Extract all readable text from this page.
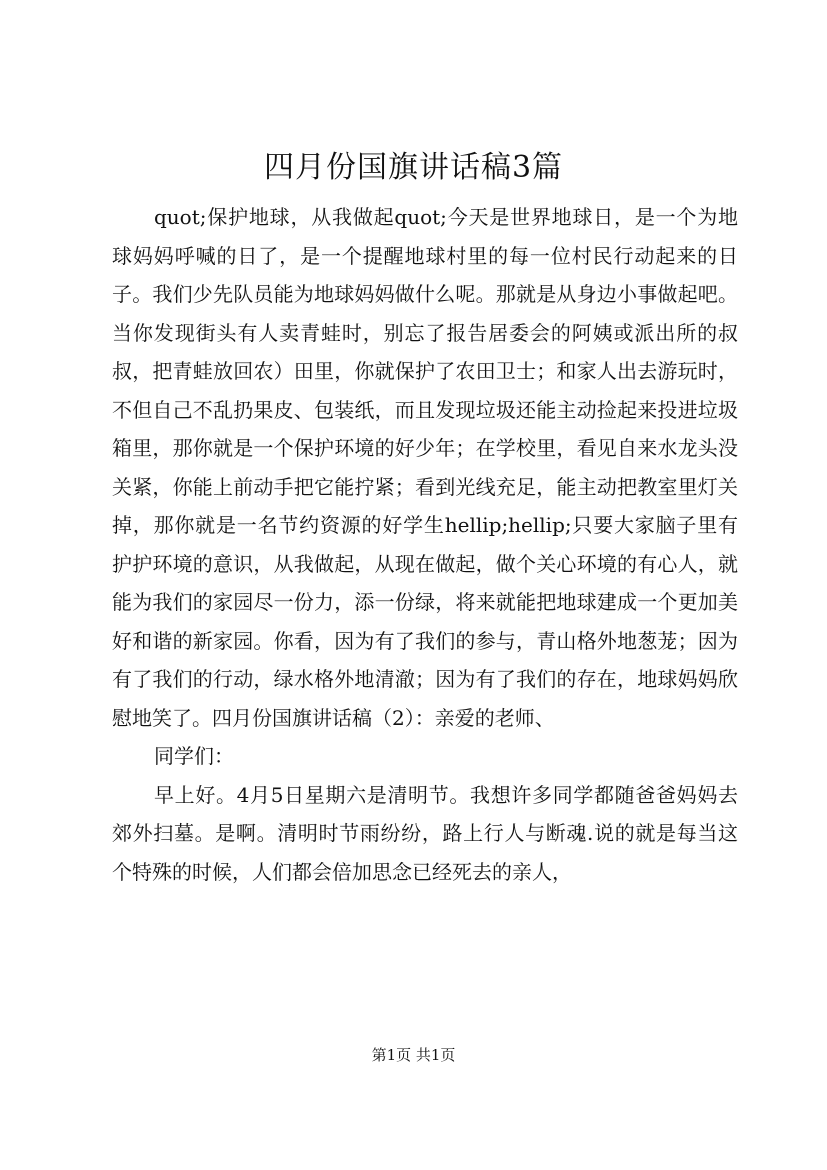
四月份国旗讲话稿3篇

quot;保护地球，从我做起quot;今天是世界地球日，是一个为地球妈妈呼喊的日了，是一个提醒地球村里的每一位村民行动起来的日子。我们少先队员能为地球妈妈做什么呢。那就是从身边小事做起吧。当你发现街头有人卖青蛙时，别忘了报告居委会的阿姨或派出所的叔叔，把青蛙放回农）田里，你就保护了农田卫士；和家人出去游玩时，不但自己不乱扔果皮、包装纸，而且发现垃圾还能主动捡起来投进垃圾箱里，那你就是一个保护环境的好少年；在学校里，看见自来水龙头没关紧，你能上前动手把它能拧紧；看到光线充足，能主动把教室里灯关掉，那你就是一名节约资源的好学生hellip;hellip;只要大家脑子里有护护环境的意识，从我做起，从现在做起，做个关心环境的有心人，就能为我们的家园尽一份力，添一份绿，将来就能把地球建成一个更加美好和谐的新家园。你看，因为有了我们的参与，青山格外地葱茏；因为有了我们的行动，绿水格外地清澈；因为有了我们的存在，地球妈妈欣慰地笑了。四月份国旗讲话稿（2）：亲爱的老师、

同学们：

早上好。4月5日星期六是清明节。我想许多同学都随爸爸妈妈去郊外扫墓。是啊。清明时节雨纷纷，路上行人与断魂.说的就是每当这个特殊的时候，人们都会倍加思念已经死去的亲人，

第1页 共1页
